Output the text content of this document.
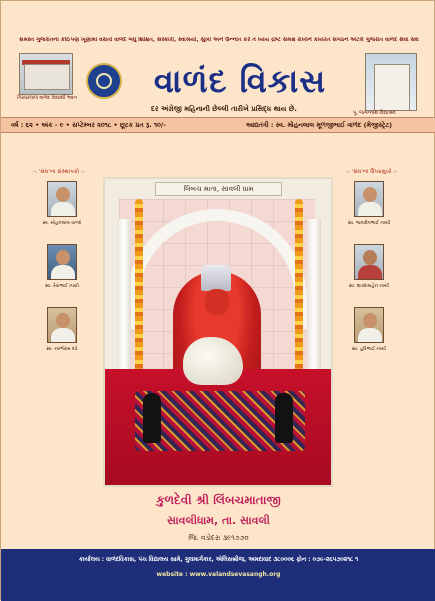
સમસ્ત ગુજરાતના કોઈપણ ખૂણામાં વસતો વાળંદ બંધુ શિક્ષિત, સંસ્કારી, સ્વાશ્રયી, સુખી અને ઉન્નતિ કરે તે ધ્યેય દ્રષ્ટિ સમક્ષ રાખીને કાર્યરત સંગઠન એટલે ગુજરાત વાળંદ સેવા સંઘ
ગિરધરલાલ વાળંદ વિદ્યાર્થી ભવન	વાળંદ વિકાસ
પૂ. જગન્નાથ વિદ્યાશ્રમ
દર અંગ્રેજી મહિનાની છેલ્લી તારીખે પ્રસિદ્ધ થાય છે.
વર્ષ : ૬૨ • અંક - ૯ • સપ્ટેમ્બર ૨૦૧૮ • છૂટક પ્રત રૂ. ૧૦/-	આદ્યતંત્રી : સ્વ. મોહનલાલ મૂળજીભાઈ વાળંદ (મેજીસ્ટ્રેટ)
-: 'સંઘ'ના સંસ્થાપકો :-
સ્વ. મોહનલાલ વાળંદ
સ્વ. રેવાભાઈ નાયી
સ્વ. નરભેરામ દવે
-: 'સંઘ'ના ઉપપ્રમુખો :-
સ્વ. જનાર્દનભાઈ નાયી
સ્વ. શારદાબહેન નાયી
સ્વ. હરિભાઈ નાયી
લિંબચ માતા, સાવલી ધામ
કુળદેવી શ્રી લિંબચમાતાજી
સાવલીધામ, તા. સાવલી
જિ. વડોદરા ૩૯૧૭૭૦
કાર્યાલય : વાળંદવિકાસ, પંચ વિદ્યાલય સામે, ગુલમાર્ગકાર, એલિસબ્રીજ, અમદાવાદ ૩૮૦૦૦૬ ફોન : ૦૭૯-૨૬૫૭૦૨૧૮ ૧
website : www.valandsevasangh.org
